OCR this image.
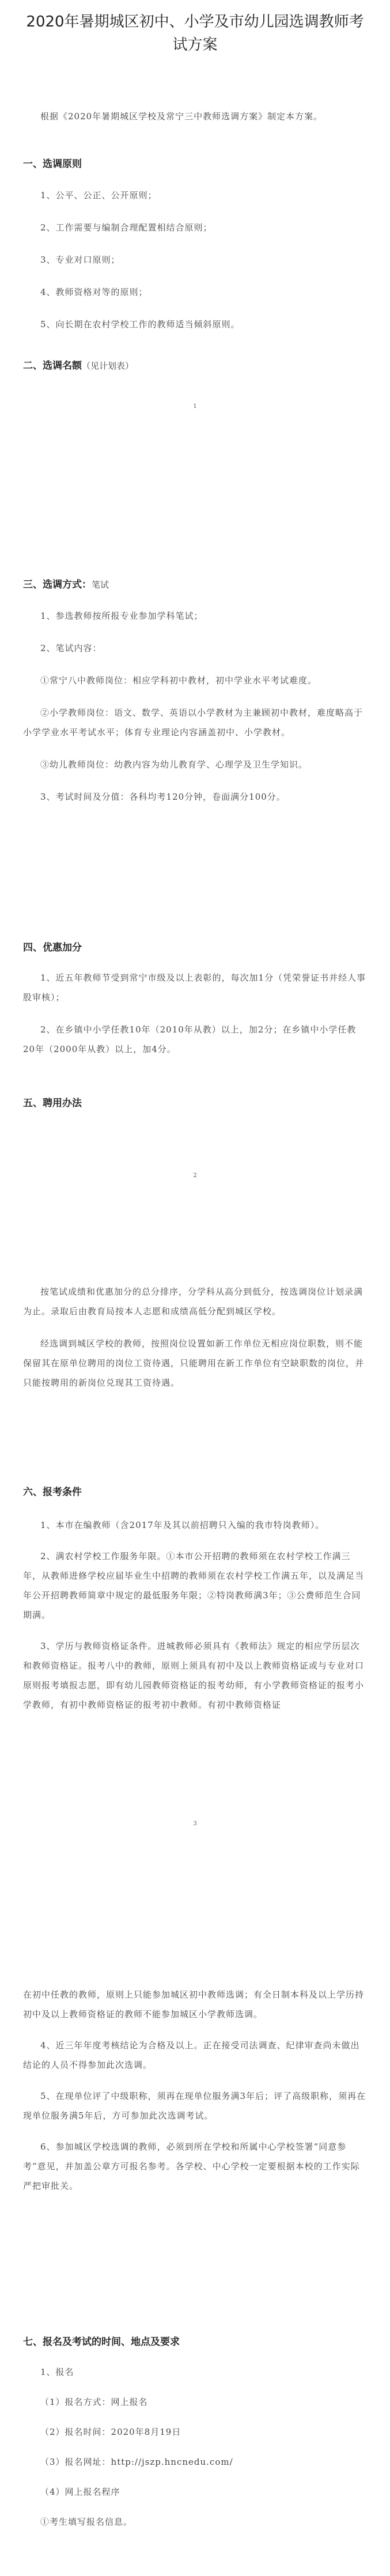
2020年暑期城区初中、小学及市幼儿园选调教师考试方案

根据《2020年暑期城区学校及常宁三中教师选调方案》制定本方案。

一、选调原则

1、公平、公正、公开原则；

2、工作需要与编制合理配置相结合原则；

3、专业对口原则；

4、教师资格对等的原则；

5、向长期在农村学校工作的教师适当倾斜原则。

二、选调名额（见计划表）

1

三、选调方式：笔试

1、参选教师按所报专业参加学科笔试；

2、笔试内容：

①常宁八中教师岗位：相应学科初中教材，初中学业水平考试难度。

②小学教师岗位：语文、数学、英语以小学教材为主兼顾初中教材，难度略高于小学学业水平考试水平；体育专业理论内容涵盖初中、小学教材。

③幼儿教师岗位：幼教内容为幼儿教育学、心理学及卫生学知识。

3、考试时间及分值：各科均考120分钟，卷面满分100分。

四、优惠加分

1、近五年教师节受到常宁市级及以上表彰的，每次加1分（凭荣誉证书并经人事股审核）；

2、在乡镇中小学任教10年（2010年从教）以上，加2分；在乡镇中小学任教20年（2000年从教）以上，加4分。

五、聘用办法

2

按笔试成绩和优惠加分的总分排序，分学科从高分到低分，按选调岗位计划录满为止。录取后由教育局按本人志愿和成绩高低分配到城区学校。

经选调到城区学校的教师，按照岗位设置如新工作单位无相应岗位职数，则不能保留其在原单位聘用的岗位工资待遇，只能聘用在新工作单位有空缺职数的岗位，并只能按聘用的新岗位兑现其工资待遇。

六、报考条件

1、本市在编教师（含2017年及其以前招聘只入编的我市特岗教师）。

2、满农村学校工作服务年限。①本市公开招聘的教师须在农村学校工作满三年，从教师进修学校应届毕业生中招聘的教师须在农村学校工作满五年，以及满足当年公开招聘教师简章中规定的最低服务年限；②特岗教师满3年；③公费师范生合同期满。

3、学历与教师资格证条件。进城教师必须具有《教师法》规定的相应学历层次和教师资格证。报考八中的教师，原则上须具有初中及以上教师资格证或与专业对口原则报考填报志愿，即有幼儿园教师资格证的报考幼师，有小学教师资格证的报考小学教师，有初中教师资格证的报考初中教师。有初中教师资格证

3

在初中任教的教师，原则上只能参加城区初中教师选调；有全日制本科及以上学历持初中及以上教师资格证的教师不能参加城区小学教师选调。

4、近三年年度考核结论为合格及以上。正在接受司法调查、纪律审查尚未做出结论的人员不得参加此次选调。

5、在现单位评了中级职称，须再在现单位服务满3年后；评了高级职称，须再在现单位服务满5年后，方可参加此次选调考试。

6、参加城区学校选调的教师，必须到所在学校和所属中心学校签署“同意参考”意见，并加盖公章方可报名参考。各学校、中心学校一定要根据本校的工作实际严把审批关。

七、报名及考试的时间、地点及要求

1、报名

（1）报名方式：网上报名

（2）报名时间：2020年8月19日

（3）报名网址：http://jszp.hncnedu.com/

（4）网上报名程序

①考生填写报名信息。
